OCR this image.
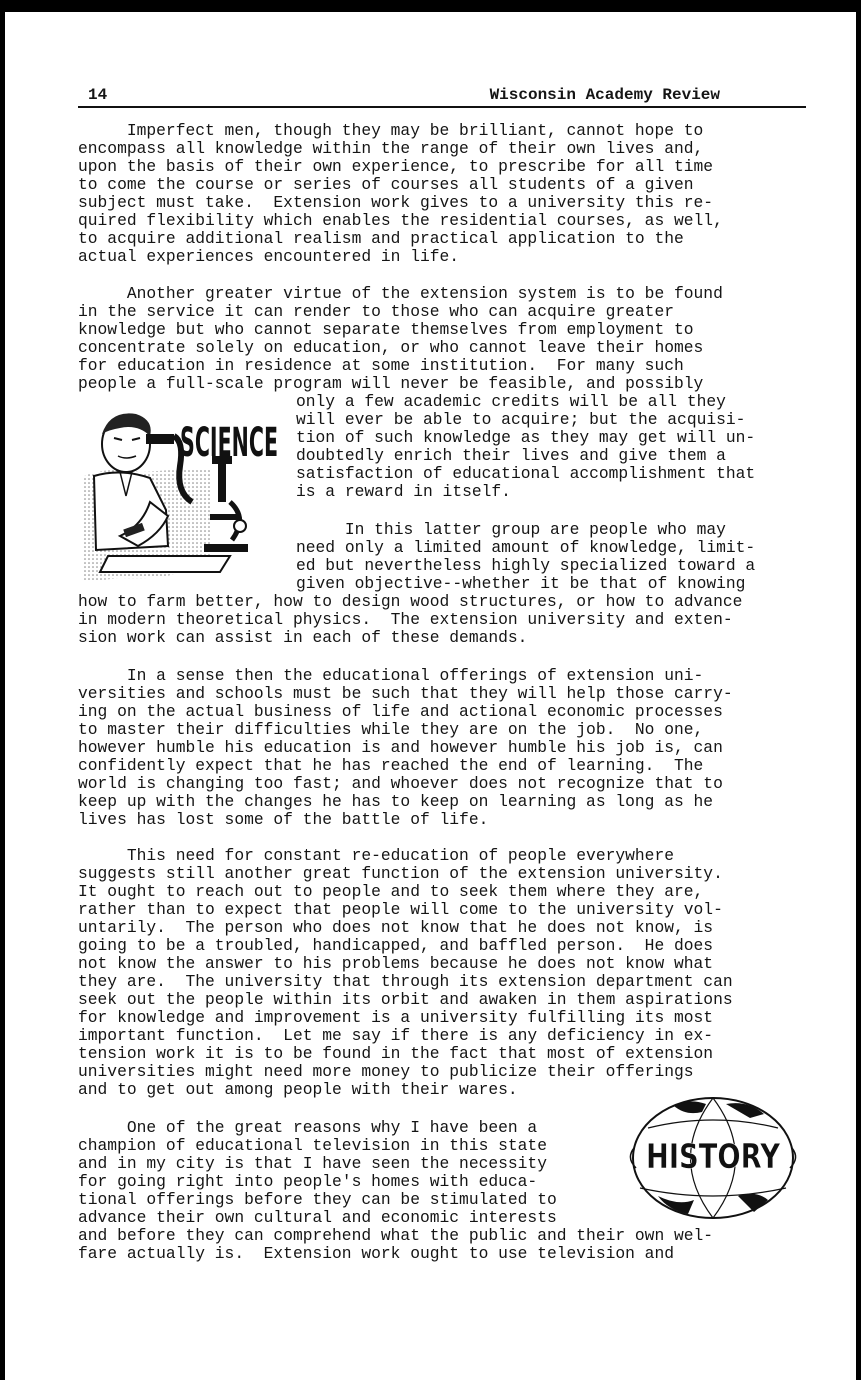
14	Wisconsin Academy Review
Imperfect men, though they may be brilliant, cannot hope to
encompass all knowledge within the range of their own lives and,
upon the basis of their own experience, to prescribe for all time
to come the course or series of courses all students of a given
subject must take.  Extension work gives to a university this re-
quired flexibility which enables the residential courses, as well,
to acquire additional realism and practical application to the
actual experiences encountered in life.
Another greater virtue of the extension system is to be found
in the service it can render to those who can acquire greater
knowledge but who cannot separate themselves from employment to
concentrate solely on education, or who cannot leave their homes
for education in residence at some institution.  For many such
people a full-scale program will never be feasible, and possibly
only a few academic credits will be all they
will ever be able to acquire; but the acquisi-
tion of such knowledge as they may get will un-
doubtedly enrich their lives and give them a
satisfaction of educational accomplishment that
is a reward in itself.
In this latter group are people who may
need only a limited amount of knowledge, limit-
ed but nevertheless highly specialized toward a
given objective--whether it be that of knowing
how to farm better, how to design wood structures, or how to advance
in modern theoretical physics.  The extension university and exten-
sion work can assist in each of these demands.
In a sense then the educational offerings of extension uni-
versities and schools must be such that they will help those carry-
ing on the actual business of life and actional economic processes
to master their difficulties while they are on the job.  No one,
however humble his education is and however humble his job is, can
confidently expect that he has reached the end of learning.  The
world is changing too fast; and whoever does not recognize that to
keep up with the changes he has to keep on learning as long as he
lives has lost some of the battle of life.
This need for constant re-education of people everywhere
suggests still another great function of the extension university.
It ought to reach out to people and to seek them where they are,
rather than to expect that people will come to the university vol-
untarily.  The person who does not know that he does not know, is
going to be a troubled, handicapped, and baffled person.  He does
not know the answer to his problems because he does not know what
they are.  The university that through its extension department can
seek out the people within its orbit and awaken in them aspirations
for knowledge and improvement is a university fulfilling its most
important function.  Let me say if there is any deficiency in ex-
tension work it is to be found in the fact that most of extension
universities might need more money to publicize their offerings
and to get out among people with their wares.
One of the great reasons why I have been a
champion of educational television in this state
and in my city is that I have seen the necessity
for going right into people's homes with educa-
tional offerings before they can be stimulated to
advance their own cultural and economic interests
and before they can comprehend what the public and their own wel-
fare actually is.  Extension work ought to use television and
SCIENCE
HISTORY
